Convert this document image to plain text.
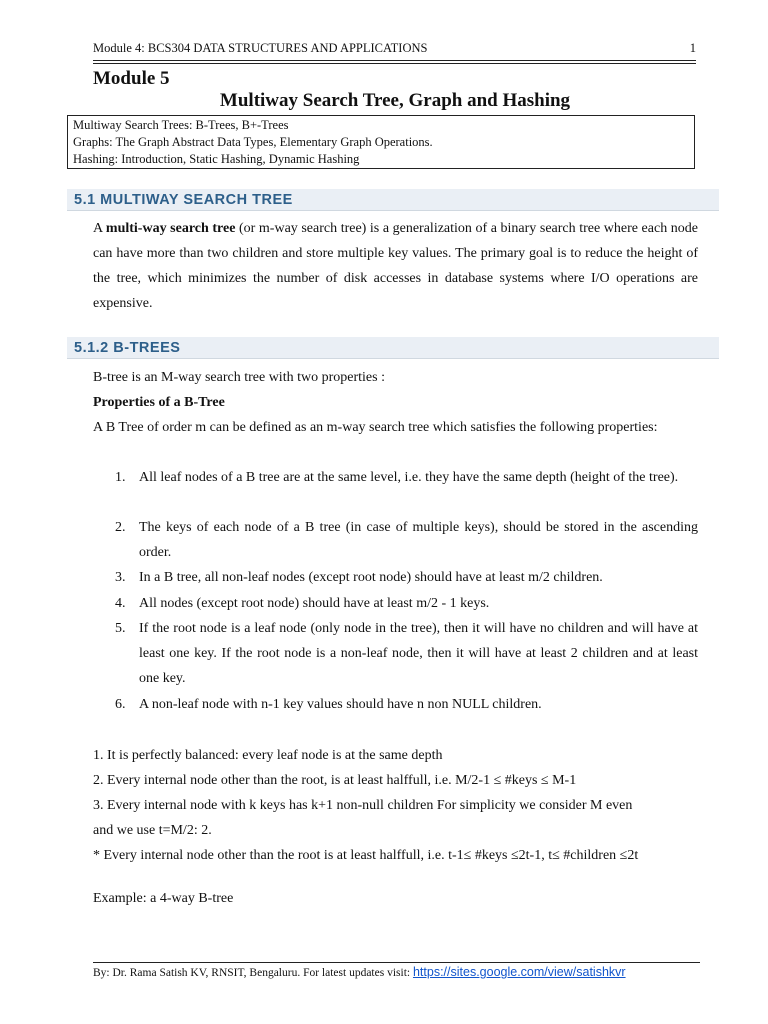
Module 4: BCS304 DATA STRUCTURES AND APPLICATIONS	1
Module 5
Multiway Search Tree, Graph and Hashing
Multiway Search Trees: B-Trees, B+-Trees
Graphs: The Graph Abstract Data Types, Elementary Graph Operations.
Hashing: Introduction, Static Hashing, Dynamic Hashing
5.1 MULTIWAY SEARCH TREE
A multi-way search tree (or m-way search tree) is a generalization of a binary search tree where each node can have more than two children and store multiple key values. The primary goal is to reduce the height of the tree, which minimizes the number of disk accesses in database systems where I/O operations are expensive.
5.1.2 B-TREES
B-tree is an M-way search tree with two properties :
Properties of a B-Tree
A B Tree of order m can be defined as an m-way search tree which satisfies the following properties:
1. All leaf nodes of a B tree are at the same level, i.e. they have the same depth (height of the tree).
2. The keys of each node of a B tree (in case of multiple keys), should be stored in the ascending order.
3. In a B tree, all non-leaf nodes (except root node) should have at least m/2 children.
4. All nodes (except root node) should have at least m/2 - 1 keys.
5. If the root node is a leaf node (only node in the tree), then it will have no children and will have at least one key. If the root node is a non-leaf node, then it will have at least 2 children and at least one key.
6. A non-leaf node with n-1 key values should have n non NULL children.
1. It is perfectly balanced: every leaf node is at the same depth
2. Every internal node other than the root, is at least halffull, i.e. M/2-1 ≤ #keys ≤ M-1
3. Every internal node with k keys has k+1 non-null children For simplicity we consider M even
and we use t=M/2: 2.
* Every internal node other than the root is at least halffull, i.e. t-1≤ #keys ≤2t-1, t≤ #children ≤2t
Example: a 4-way B-tree
By: Dr. Rama Satish KV, RNSIT, Bengaluru. For latest updates visit: https://sites.google.com/view/satishkvr
